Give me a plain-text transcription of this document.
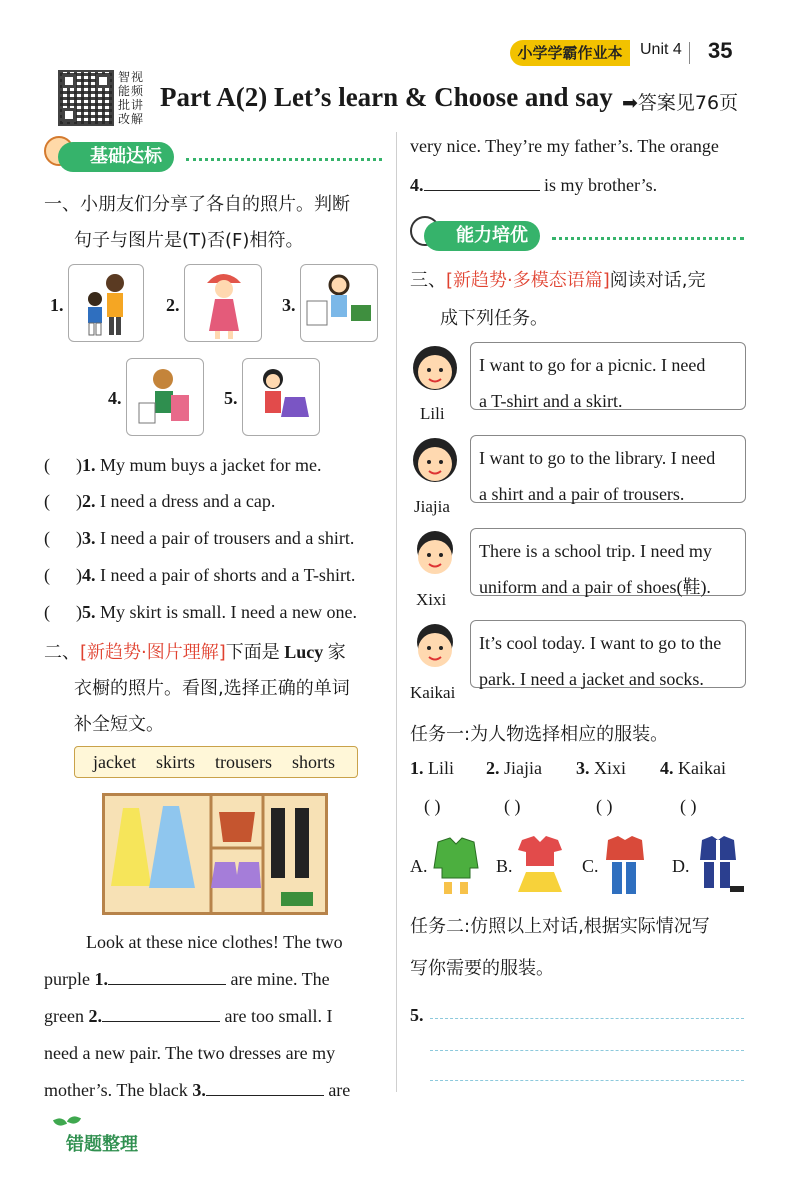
小学学霸作业本	Unit 4 35
智视能频批讲改解
Part A(2) Let’s learn & Choose and say ➡答案见76页
基础达标
一、小朋友们分享了各自的照片。判断
句子与图片是(T)否(F)相符。
1.	2.	3.
4.	5.
( )1. My mum buys a jacket for me.
( )2. I need a dress and a cap.
( )3. I need a pair of trousers and a shirt.
( )4. I need a pair of shorts and a T-shirt.
( )5. My skirt is small. I need a new one.
二、[新趋势·图片理解]下面是 Lucy 家
衣橱的照片。看图,选择正确的单词
补全短文。
jacket skirts trousers shorts
Look at these nice clothes! The two
purple 1.	are mine. The
green 2.	are too small. I
need a new pair. The two dresses are my
mother’s. The black 3.	are
very nice. They’re my father’s. The orange
4.	is my brother’s.
能力培优
三、[新趋势·多模态语篇]阅读对话,完
成下列任务。
Lili
I want to go for a picnic. I need
a T-shirt and a skirt.
Jiajia
I want to go to the library. I need
a shirt and a pair of trousers.
Xixi
There is a school trip. I need my
uniform and a pair of shoes(鞋).
Kaikai
It’s cool today. I want to go to the
park. I need a jacket and socks.
任务一:为人物选择相应的服装。
1. Lili 2. Jiajia 3. Xixi 4. Kaikai
( )	( )	( )	( )
A.	B.	C.	D.
任务二:仿照以上对话,根据实际情况写
写你需要的服装。
5.
错题整理
